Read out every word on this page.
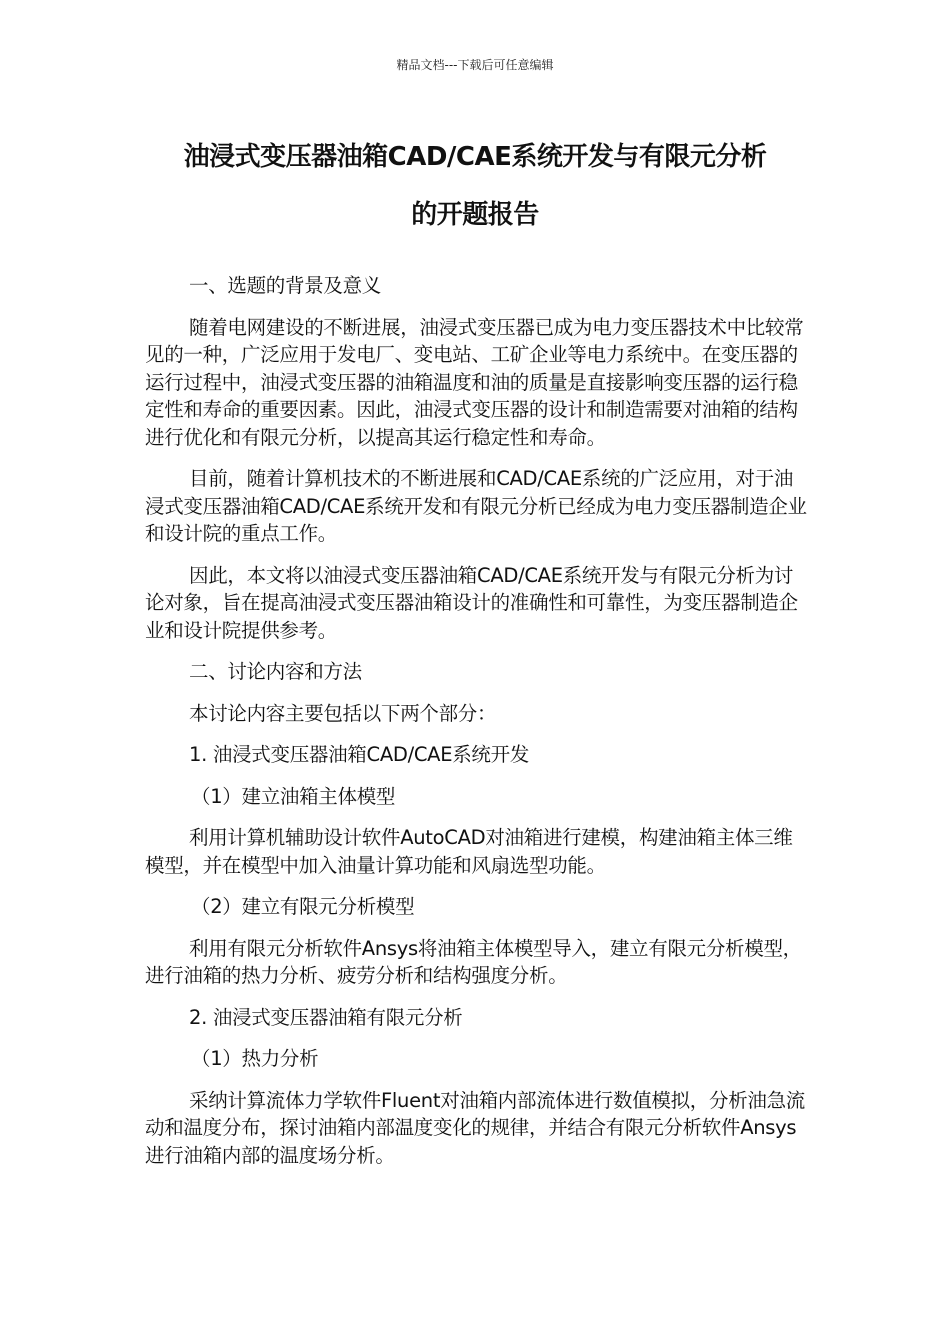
精品文档---下载后可任意编辑
油浸式变压器油箱CAD/CAE系统开发与有限元分析
的开题报告

一、选题的背景及意义

随着电网建设的不断进展，油浸式变压器已成为电力变压器技术中比较常见的一种，广泛应用于发电厂、变电站、工矿企业等电力系统中。在变压器的运行过程中，油浸式变压器的油箱温度和油的质量是直接影响变压器的运行稳定性和寿命的重要因素。因此，油浸式变压器的设计和制造需要对油箱的结构进行优化和有限元分析，以提高其运行稳定性和寿命。

目前，随着计算机技术的不断进展和CAD/CAE系统的广泛应用，对于油浸式变压器油箱CAD/CAE系统开发和有限元分析已经成为电力变压器制造企业和设计院的重点工作。

因此，本文将以油浸式变压器油箱CAD/CAE系统开发与有限元分析为讨论对象，旨在提高油浸式变压器油箱设计的准确性和可靠性，为变压器制造企业和设计院提供参考。

二、讨论内容和方法

本讨论内容主要包括以下两个部分：

1. 油浸式变压器油箱CAD/CAE系统开发

（1）建立油箱主体模型

利用计算机辅助设计软件AutoCAD对油箱进行建模，构建油箱主体三维模型，并在模型中加入油量计算功能和风扇选型功能。

（2）建立有限元分析模型

利用有限元分析软件Ansys将油箱主体模型导入，建立有限元分析模型，进行油箱的热力分析、疲劳分析和结构强度分析。

2. 油浸式变压器油箱有限元分析

（1）热力分析

采纳计算流体力学软件Fluent对油箱内部流体进行数值模拟，分析油急流动和温度分布，探讨油箱内部温度变化的规律，并结合有限元分析软件Ansys进行油箱内部的温度场分析。
